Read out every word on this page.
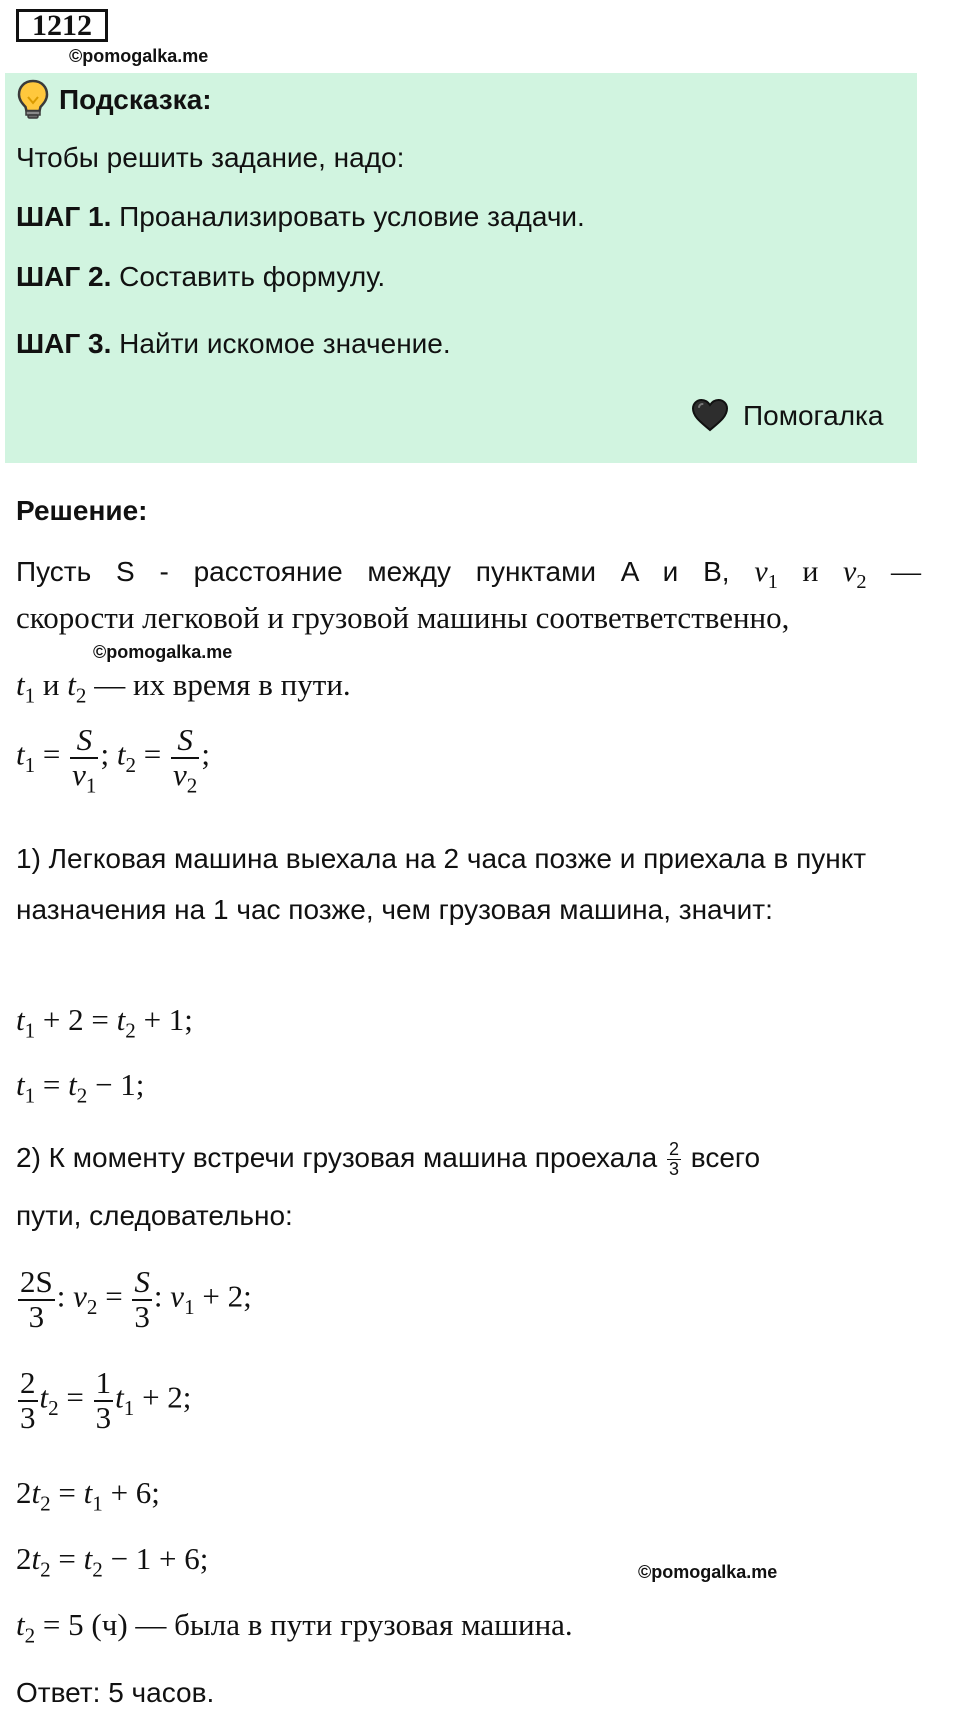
1212
©pomogalka.me
Подсказка:
Чтобы решить задание, надо:
ШАГ 1. Проанализировать условие задачи.
ШАГ 2. Составить формулу.
ШАГ 3. Найти искомое значение.
Помогалка
Решение:
Пусть S - расстояние между пунктами A и B, $v_1$ и $v_2$ —
скорости легковой и грузовой машины соответветственно,
©pomogalka.me
$t_1$ и $t_2$ — их время в пути.
$t_1 = \frac{S}{v_1}$ ; $t_2 = \frac{S}{v_2}$ ;
1) Легковая машина выехала на 2 часа позже и приехала в пункт назначения на 1 час позже, чем грузовая машина, значит:
$t_1 + 2 = t_2 + 1$;
$t_1 = t_2 - 1$;
2) К моменту встречи грузовая машина проехала $\frac{2}{3}$ всего
пути, следовательно:
$\frac{2S}{3}$ : $v_2 = \frac{S}{3}$ : $v_1 + 2$;
$\frac{2}{3} t_2 = \frac{1}{3} t_1 + 2$;
$2t_2 = t_1 + 6$;
$2t_2 = t_2 - 1 + 6$;	©pomogalka.me
$t_2 = 5$ (ч) — была в пути грузовая машина.
Ответ: 5 часов.
